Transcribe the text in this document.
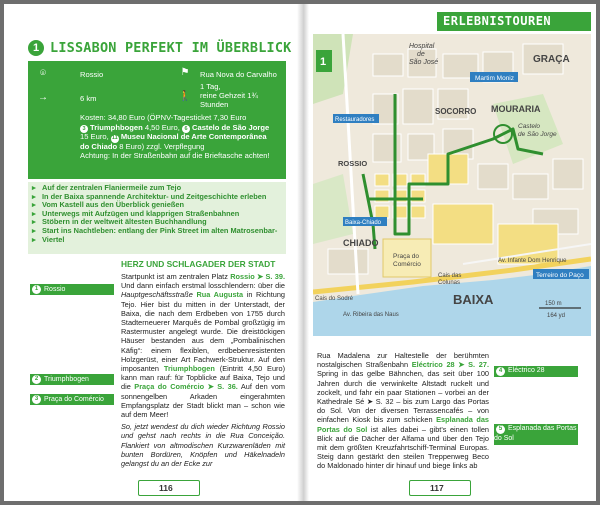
1 LISSABON PERFEKT IM ÜBERBLICK
⌾	Rossio	⚑	Rua Nova do Carvalho
→	6 km	🚶
1 Tag,
reine Gehzeit 1¾
Stunden
Kosten: 34,80 Euro (ÖPNV-Tagesticket 7,30 Euro
3 Triumphbogen 4,50 Euro, 6 Castelo de São Jorge
15 Euro, 11 Museu Nacional de Arte Contemporânea
do Chiado 8 Euro) zzgl. Verpflegung
Achtung: In der Straßenbahn auf die Brieftasche achten!
▸ Auf der zentralen Flaniermeile zum Tejo
▸ In der Baixa spannende Architektur- und Zeitgeschichte erleben
▸ Vom Kastell aus den Überblick genießen
▸ Unterwegs mit Aufzügen und klapprigen Straßenbahnen
▸ Stöbern in der weltweit ältesten Buchhandlung
▸ Start ins Nachtleben: entlang der Pink Street im alten Matrosenbar-
▸ Viertel
HERZ UND SCHLAGADER DER STADT
1 Rossio
2 Triumphbogen
3 Praça do Comércio

Startpunkt ist am zentralen Platz Rossio ➤ S. 39. Und dann einfach erstmal losschlendern: über die Hauptgeschäftsstraße Rua Augusta in Richtung Tejo. Hier bist du mitten in der Unterstadt, der Baixa, die nach dem Erdbeben von 1755 durch Stadterneuerer Marquês de Pombal großzügig im Rastermuster angelegt wurde. Die dreistöckigen Häuser bestanden aus dem „Pombalinischen Käfig“: einem flexiblen, erdbebenresistenten Holzgerüst, einer Art Fachwerk-Struktur. Auf den imposanten Triumphbogen (Eintritt 4,50 Euro) kann man rauf: für Topblicke auf Baixa, Tejo und die Praça do Comércio ➤ S. 36. Auf den vom sonnengelben Arkaden eingerahmten Empfangsplatz der Stadt blickt man – schon wie auf dem Meer!

So, jetzt wendest du dich wieder Richtung Rossio und gehst nach rechts in die Rua Conceição. Flankiert von altmodischen Kurzwarenläden mit bunten Bordüren, Knöpfen und Häkelnadeln gelangst du an der Ecke zur

116
ERLEBNISTOUREN
Hospital
de
São José	GRAÇA
Martim Moniz
MOURARIA
Castelo
de São Jorge
SOCORRO
Restauradores
ROSSIO
Baixa-Chiado
CHIADO
Praça do
Comércio
Cais das
Colunas
Cais do Sodré
Av. Ribeira das Naus
Av. Infante Dom Henrique
Terreiro do Paço
BAIXA	150 m
164 yd
1
Rua Madalena zur Haltestelle der berühmten nostalgischen Straßenbahn Eléctrico 28 ➤ S. 27. Spring in das gelbe Bähnchen, das seit über 100 Jahren durch die verwinkelte Altstadt ruckelt und zockelt, und fahr ein paar Stationen – vorbei an der Kathedrale Sé ➤ S. 32 – bis zum Largo das Portas do Sol. Von der diversen Terrassencafés – von einfachen Kiosk bis zum schicken Esplanada das Portas do Sol ist alles dabei – gibt's einen tollen Blick auf die Dächer der Alfama und über den Tejo mit dem größten Kreuzfahrtschiff-Terminal Europas. Steig dann gestärkt den steilen Treppenweg Beco do Maldonado hinter dir hinauf und biege links ab
4 Eléctrico 28
5 Esplanada das Portas do Sol
117
